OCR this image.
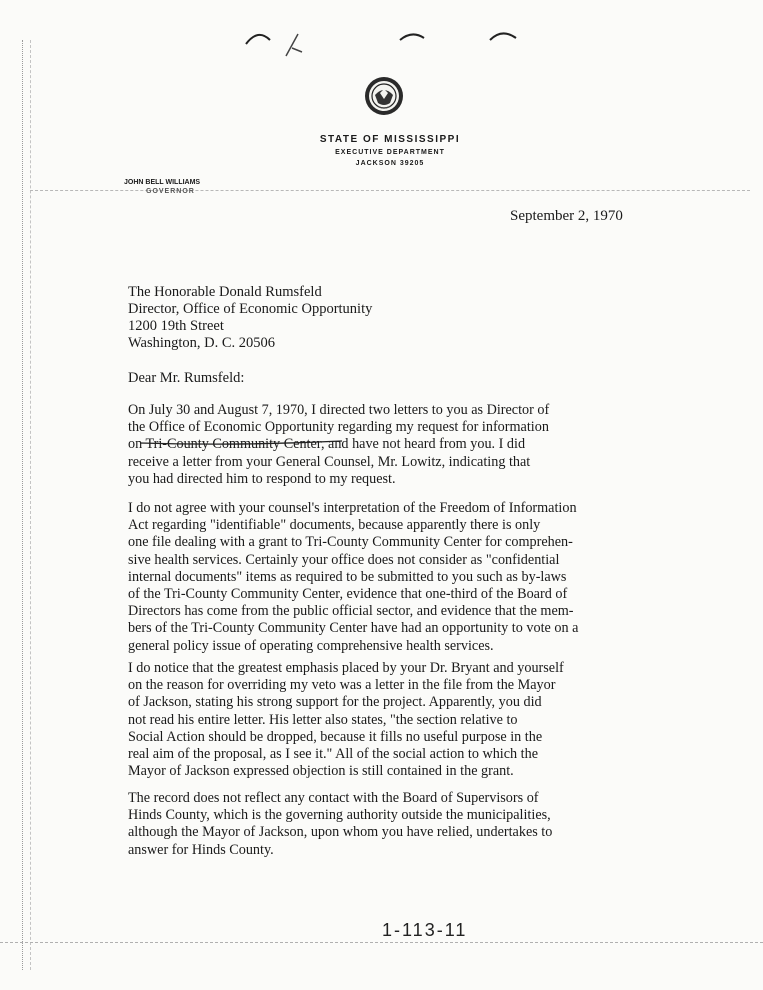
STATE OF MISSISSIPPI
EXECUTIVE DEPARTMENT
JACKSON 39205
JOHN BELL WILLIAMS
GOVERNOR
September 2, 1970
The Honorable Donald Rumsfeld
Director, Office of Economic Opportunity
1200 19th Street
Washington, D. C. 20506
Dear Mr. Rumsfeld:
On July 30 and August 7, 1970, I directed two letters to you as Director of
the Office of Economic Opportunity regarding my request for information
on Tri-County Community Center, and have not heard from you. I did
receive a letter from your General Counsel, Mr. Lowitz, indicating that
you had directed him to respond to my request.
I do not agree with your counsel's interpretation of the Freedom of Information
Act regarding "identifiable" documents, because apparently there is only
one file dealing with a grant to Tri-County Community Center for comprehen-
sive health services. Certainly your office does not consider as "confidential
internal documents" items as required to be submitted to you such as by-laws
of the Tri-County Community Center, evidence that one-third of the Board of
Directors has come from the public official sector, and evidence that the mem-
bers of the Tri-County Community Center have had an opportunity to vote on a
general policy issue of operating comprehensive health services.
I do notice that the greatest emphasis placed by your Dr. Bryant and yourself
on the reason for overriding my veto was a letter in the file from the Mayor
of Jackson, stating his strong support for the project. Apparently, you did
not read his entire letter. His letter also states, "the section relative to
Social Action should be dropped, because it fills no useful purpose in the
real aim of the proposal, as I see it." All of the social action to which the
Mayor of Jackson expressed objection is still contained in the grant.
The record does not reflect any contact with the Board of Supervisors of
Hinds County, which is the governing authority outside the municipalities,
although the Mayor of Jackson, upon whom you have relied, undertakes to
answer for Hinds County.
1-113-11
